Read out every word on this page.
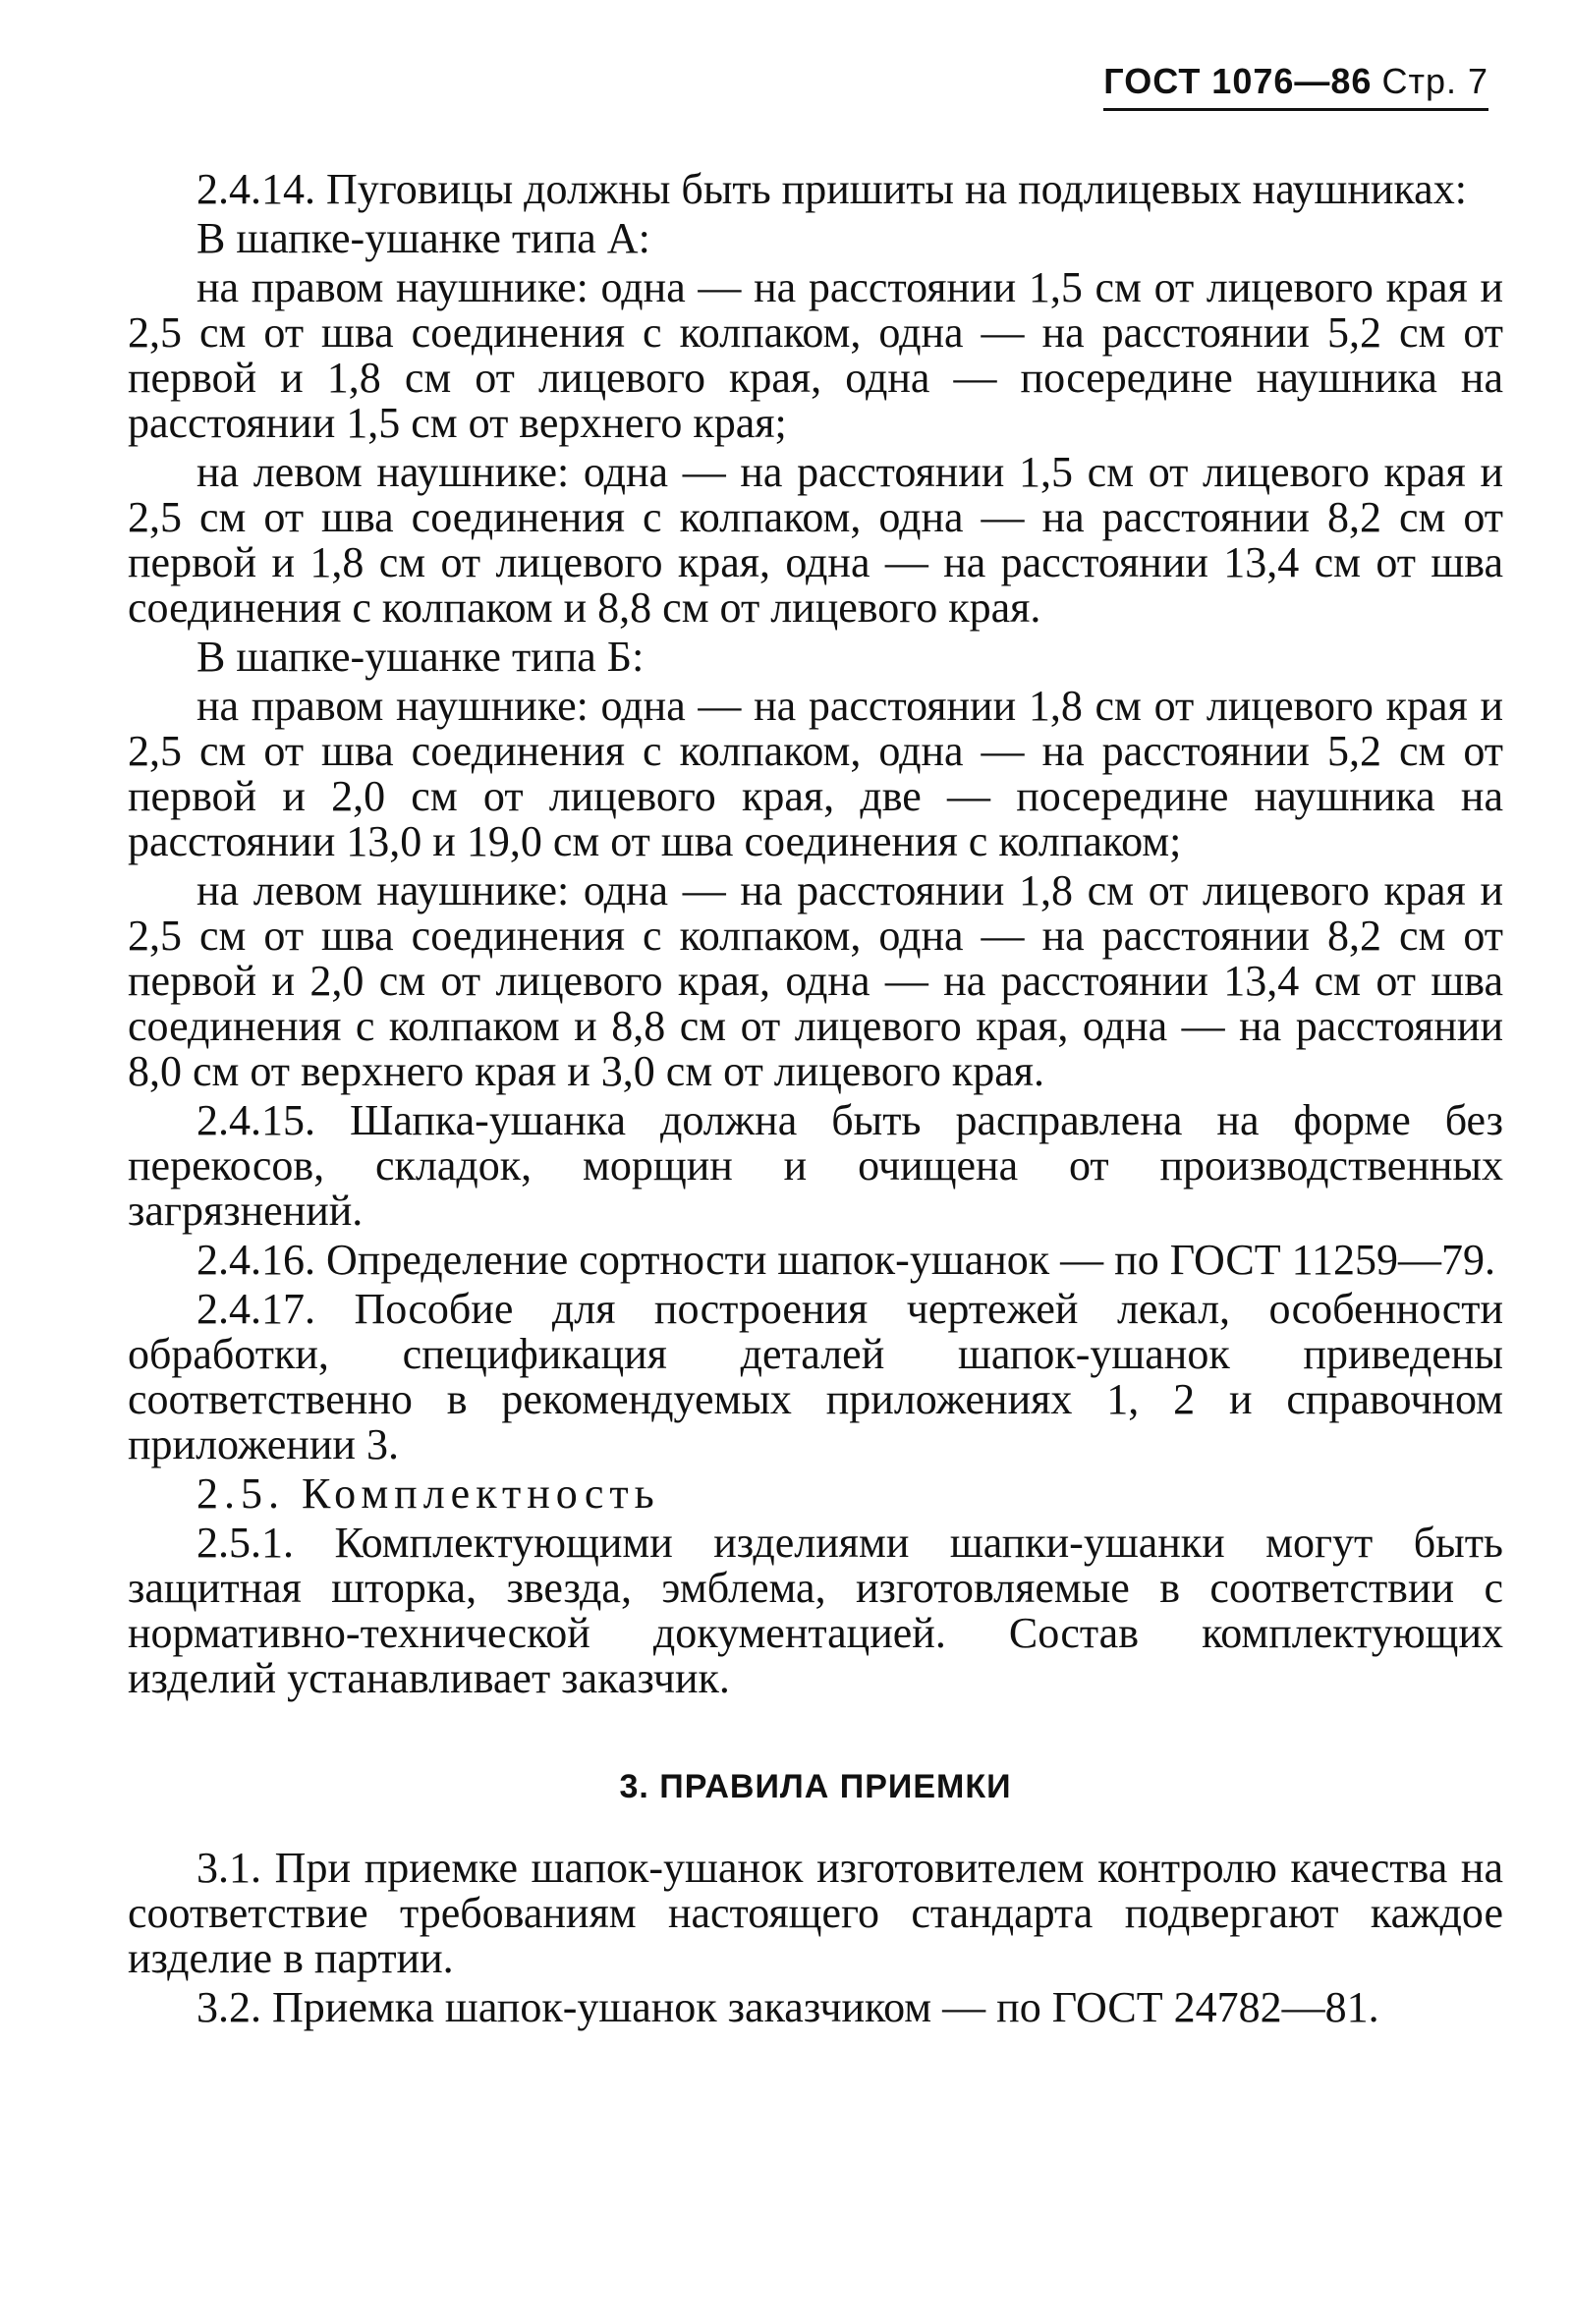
ГОСТ 1076—86 Стр. 7

2.4.14. Пуговицы должны быть пришиты на подлицевых наушниках:

В шапке-ушанке типа А:

на правом наушнике: одна — на расстоянии 1,5 см от лицевого края и 2,5 см от шва соединения с колпаком, одна — на расстоянии 5,2 см от первой и 1,8 см от лицевого края, одна — посередине наушника на расстоянии 1,5 см от верхнего края;

на левом наушнике: одна — на расстоянии 1,5 см от лицевого края и 2,5 см от шва соединения с колпаком, одна — на расстоянии 8,2 см от первой и 1,8 см от лицевого края, одна — на расстоянии 13,4 см от шва соединения с колпаком и 8,8 см от лицевого края.

В шапке-ушанке типа Б:

на правом наушнике: одна — на расстоянии 1,8 см от лицевого края и 2,5 см от шва соединения с колпаком, одна — на расстоянии 5,2 см от первой и 2,0 см от лицевого края, две — посередине наушника на расстоянии 13,0 и 19,0 см от шва соединения с колпаком;

на левом наушнике: одна — на расстоянии 1,8 см от лицевого края и 2,5 см от шва соединения с колпаком, одна — на расстоянии 8,2 см от первой и 2,0 см от лицевого края, одна — на расстоянии 13,4 см от шва соединения с колпаком и 8,8 см от лицевого края, одна — на расстоянии 8,0 см от верхнего края и 3,0 см от лицевого края.

2.4.15. Шапка-ушанка должна быть расправлена на форме без перекосов, складок, морщин и очищена от производственных загрязнений.

2.4.16. Определение сортности шапок-ушанок — по ГОСТ 11259—79.

2.4.17. Пособие для построения чертежей лекал, особенности обработки, спецификация деталей шапок-ушанок приведены соответственно в рекомендуемых приложениях 1, 2 и справочном приложении 3.

2.5. Комплектность

2.5.1. Комплектующими изделиями шапки-ушанки могут быть защитная шторка, звезда, эмблема, изготовляемые в соответствии с нормативно-технической документацией. Состав комплектующих изделий устанавливает заказчик.

3. ПРАВИЛА ПРИЕМКИ

3.1. При приемке шапок-ушанок изготовителем контролю качества на соответствие требованиям настоящего стандарта подвергают каждое изделие в партии.

3.2. Приемка шапок-ушанок заказчиком — по ГОСТ 24782—81.
